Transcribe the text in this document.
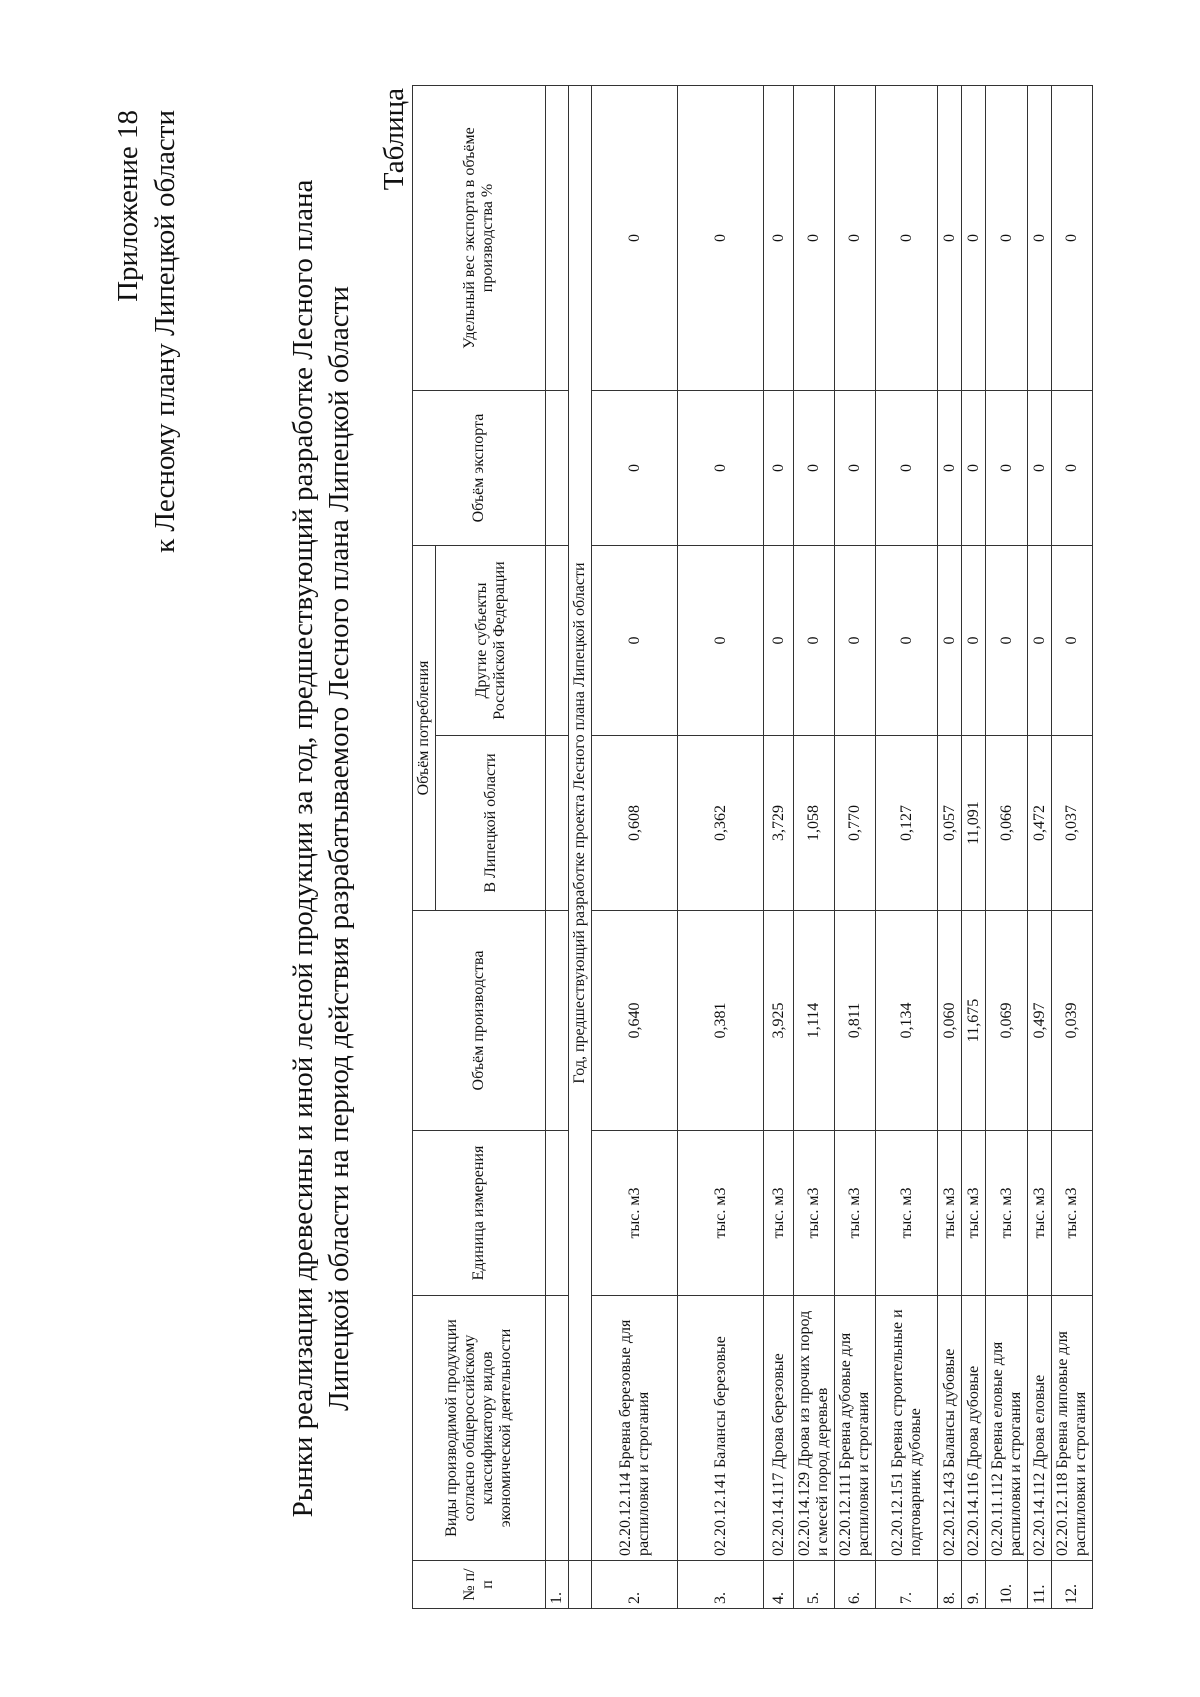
Приложение 18 к Лесному плану Липецкой области	Рынки реализации древесины и иной лесной продукции за год, предшествующий разработке Лесного плана Липецкой области на период действия разрабатываемого Лесного плана Липецкой области
Таблица
№ п/п	Виды производимой продукции согласно общероссийскому классификатору видов экономической деятельности	Единица измерения	Объём производства	Объём потребления		Объём экспорта	Удельный вес экспорта в объёме производства %
				В Липецкой области	Другие субъекты Российской Федерации		
1.							
	Год, предшествующий разработке проекта Лесного плана Липецкой области						
2.	02.20.12.114 Бревна березовые для распиловки и строгания	тыс. м3	0,640	0,608	0	0	0
3.	02.20.12.141 Балансы березовые	тыс. м3	0,381	0,362	0	0	0
4.	02.20.14.117 Дрова березовые	тыс. м3	3,925	3,729	0	0	0
5.	02.20.14.129 Дрова из прочих пород и смесей пород деревьев	тыс. м3	1,114	1,058	0	0	0
6.	02.20.12.111 Бревна дубовые для распиловки и строгания	тыс. м3	0,811	0,770	0	0	0
7.	02.20.12.151 Бревна строительные и подтоварник дубовые	тыс. м3	0,134	0,127	0	0	0
8.	02.20.12.143 Балансы дубовые	тыс. м3	0,060	0,057	0	0	0
9.	02.20.14.116 Дрова дубовые	тыс. м3	11,675	11,091	0	0	0
10.	02.20.11.112 Бревна еловые для распиловки и строгания	тыс. м3	0,069	0,066	0	0	0
11.	02.20.14.112 Дрова еловые	тыс. м3	0,497	0,472	0	0	0
12.	02.20.12.118 Бревна липовые для распиловки и строгания	тыс. м3	0,039	0,037	0	0	0
